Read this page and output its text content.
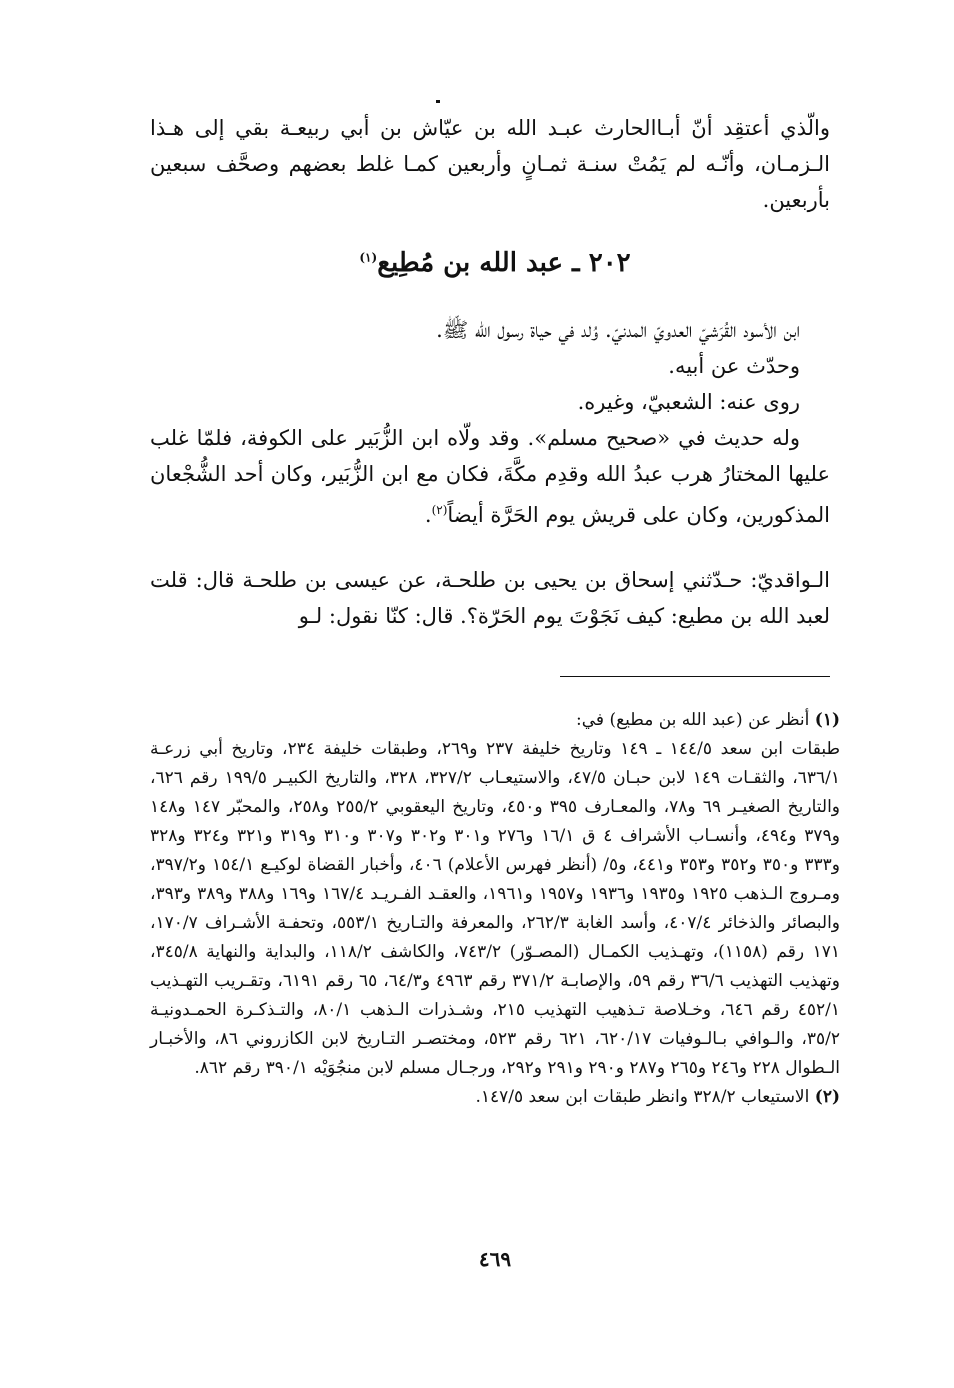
والّذي أعتقِد أنّ أبـاالحارث عبـد الله بن عيّاش بن أبي ربيعـة بقي إلى هـذا الـزمـان، وأنّـه لم يَمُتْ سنـة ثمـانٍ وأربعين كمـا غلط بعضهم وصحَّف سبعين بأربعين.

٢٠٢ ـ عبد الله بن مُطِيع$^{(١)}$

ابن الأسود القُرَشيّ العدويّ المدنيّ. وُلد في حياة رسول الله ﷺ.

وحدّث عن أبيه.

روى عنه: الشعبيّ، وغيره.

وله حديث في «صحيح مسلم». وقد ولّاه ابن الزُّبَير على الكوفة، فلمّا غلب عليها المختارُ هرب عبدُ الله وقدِم مكَّةَ، فكان مع ابن الزُّبَير، وكان أحد الشُّجْعان المذكورين، وكان على قريش يوم الحَرَّة أيضاً$^{(٢)}$.

الـواقديّ: حـدّثني إسحاق بن يحيى بن طلحـة، عن عيسى بن طلحـة قال: قلت لعبد الله بن مطيع: كيف نَجَوْتَ يوم الحَرّة؟. قال: كنّا نقول: لـو

(١) أنظر عن (عبد الله بن مطيع) في:

طبقات ابن سعد ١٤٤/٥ ـ ١٤٩ وتاريخ خليفة ٢٣٧ و٢٦٩، وطبقات خليفة ٢٣٤، وتاريخ أبي زرعـة ٦٣٦/١، والثقـات ١٤٩ لابن حبـان ٤٧/٥، والاستيعـاب ٣٢٧/٢، ٣٢٨، والتاريخ الكبيـر ١٩٩/٥ رقم ٦٢٦، والتاريخ الصغيـر ٦٩ و٧٨، والمعـارف ٣٩٥ و٤٥٠، وتاريخ اليعقوبي ٢٥٥/٢ و٢٥٨، والمحبّر ١٤٧ و١٤٨ و٣٧٩ و٤٩٤، وأنسـاب الأشراف ٤ ق ١٦/١ و٢٧٦ و٣٠١ و٣٠٢ و٣٠٧ و٣١٠ و٣١٩ و٣٢١ و٣٢٤ و٣٢٨ و٣٣٣ و٣٥٠ و٣٥٢ و٣٥٣ و٤٤١، و٥/ (أنظر فهرس الأعلام) ٤٠٦، وأخبار القضاة لوكيـع ١٥٤/١ و٣٩٧/٢، ومـروج الـذهب ١٩٢٥ و١٩٣٥ و١٩٣٦ و١٩٥٧ و١٩٦١، والعقـد الفـريـد ١٦٧/٤ و١٦٩ و٣٨٨ و٣٨٩ و٣٩٣، والبصائر والذخائر ٤٠٧/٤، وأسد الغابة ٢٦٢/٣، والمعرفة والتـاريخ ٥٥٣/١، وتحفـة الأشـراف ١٧٠/٧، ١٧١ رقم (١١٥٨)، وتهـذيب الكمـال (المصـوّر) ٧٤٣/٢، والكاشف ١١٨/٢، والبداية والنهاية ٣٤٥/٨، وتهذيب التهذيب ٣٦/٦ رقم ٥٩، والإصابـة ٣٧١/٢ رقم ٤٩٦٣ و٦٤/٣، ٦٥ رقم ٦١٩١، وتقـريب التهـذيب ٤٥٢/١ رقم ٦٤٦، وخـلاصة تـذهيب التهذيب ٢١٥، وشـذرات الـذهب ٨٠/١، والتـذكـرة الحمـدونيـة ٣٥/٢، والـوافي بـالـوفيات ٦٢٠/١٧، ٦٢١ رقم ٥٢٣، ومختصـر التـاريخ لابن الكازروني ٨٦، والأخبـار الـطوال ٢٢٨ و٢٤٦ و٢٦٥ و٢٨٧ و٢٩٠ و٢٩١ و٢٩٢، ورجـال مسلم لابن منجُوَيْه ٣٩٠/١ رقم ٨٦٢.

(٢) الاستيعاب ٣٢٨/٢ وانظر طبقات ابن سعد ١٤٧/٥.

٤٦٩
